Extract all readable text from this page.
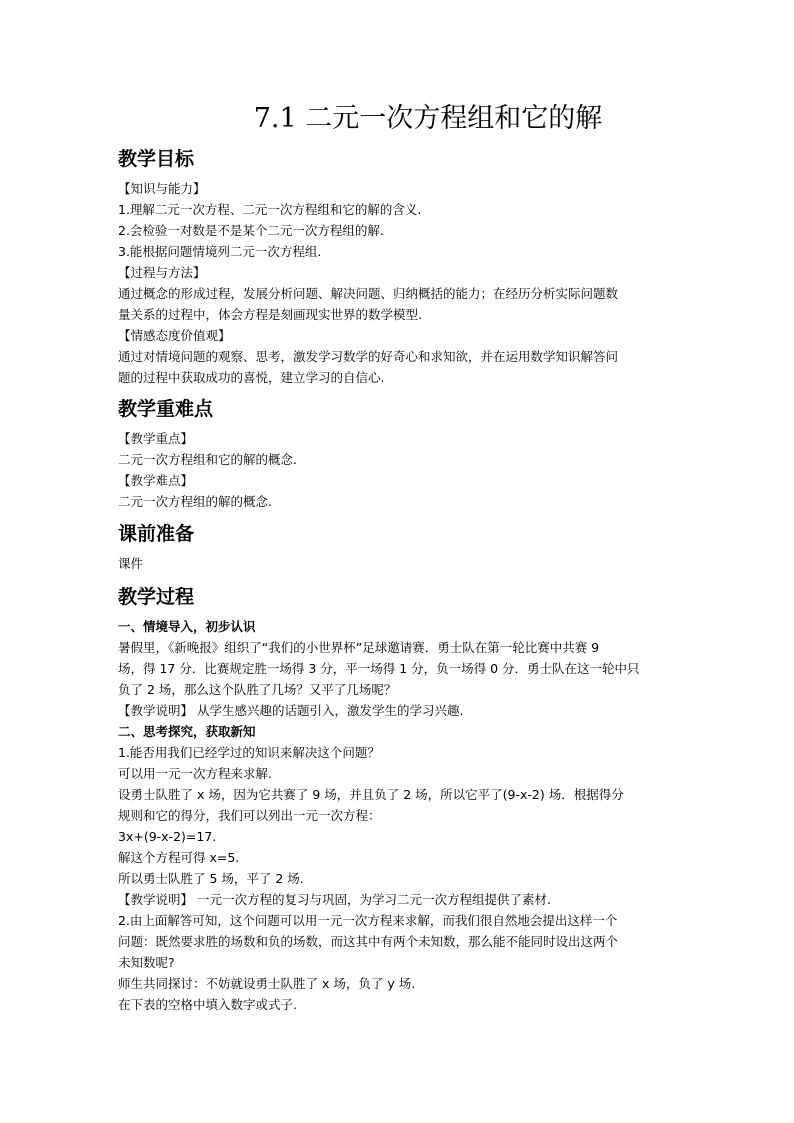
7.1 二元一次方程组和它的解
教学目标
【知识与能力】
1.理解二元一次方程、二元一次方程组和它的解的含义.
2.会检验一对数是不是某个二元一次方程组的解.
3.能根据问题情境列二元一次方程组.
【过程与方法】
通过概念的形成过程，发展分析问题、解决问题、归纳概括的能力；在经历分析实际问题数
量关系的过程中，体会方程是刻画现实世界的数学模型.
【情感态度价值观】
通过对情境问题的观察、思考，激发学习数学的好奇心和求知欲，并在运用数学知识解答问
题的过程中获取成功的喜悦，建立学习的自信心.
教学重难点
【教学重点】
二元一次方程组和它的解的概念.
【教学难点】
二元一次方程组的解的概念.
课前准备
课件
教学过程
一、情境导入，初步认识
暑假里，《新晚报》组织了“我们的小世界杯”足球邀请赛．勇士队在第一轮比赛中共赛 9
场，得 17 分．比赛规定胜一场得 3 分，平一场得 1 分，负一场得 0 分．勇士队在这一轮中只
负了 2 场，那么这个队胜了几场？又平了几场呢？
【教学说明】 从学生感兴趣的话题引入，激发学生的学习兴趣.
二、思考探究，获取新知
1.能否用我们已经学过的知识来解决这个问题？
可以用一元一次方程来求解.
设勇士队胜了 x 场，因为它共赛了 9 场，并且负了 2 场，所以它平了(9-x-2) 场．根据得分
规则和它的得分，我们可以列出一元一次方程：
3x+(9-x-2)=17.
解这个方程可得 x=5.
所以勇士队胜了 5 场，平了 2 场.
【教学说明】 一元一次方程的复习与巩固，为学习二元一次方程组提供了素材.
2.由上面解答可知，这个问题可以用一元一次方程来求解，而我们很自然地会提出这样一个
问题：既然要求胜的场数和负的场数，而这其中有两个未知数，那么能不能同时设出这两个
未知数呢?
师生共同探讨：不妨就设勇士队胜了 x 场，负了 y 场.
在下表的空格中填入数字或式子.
